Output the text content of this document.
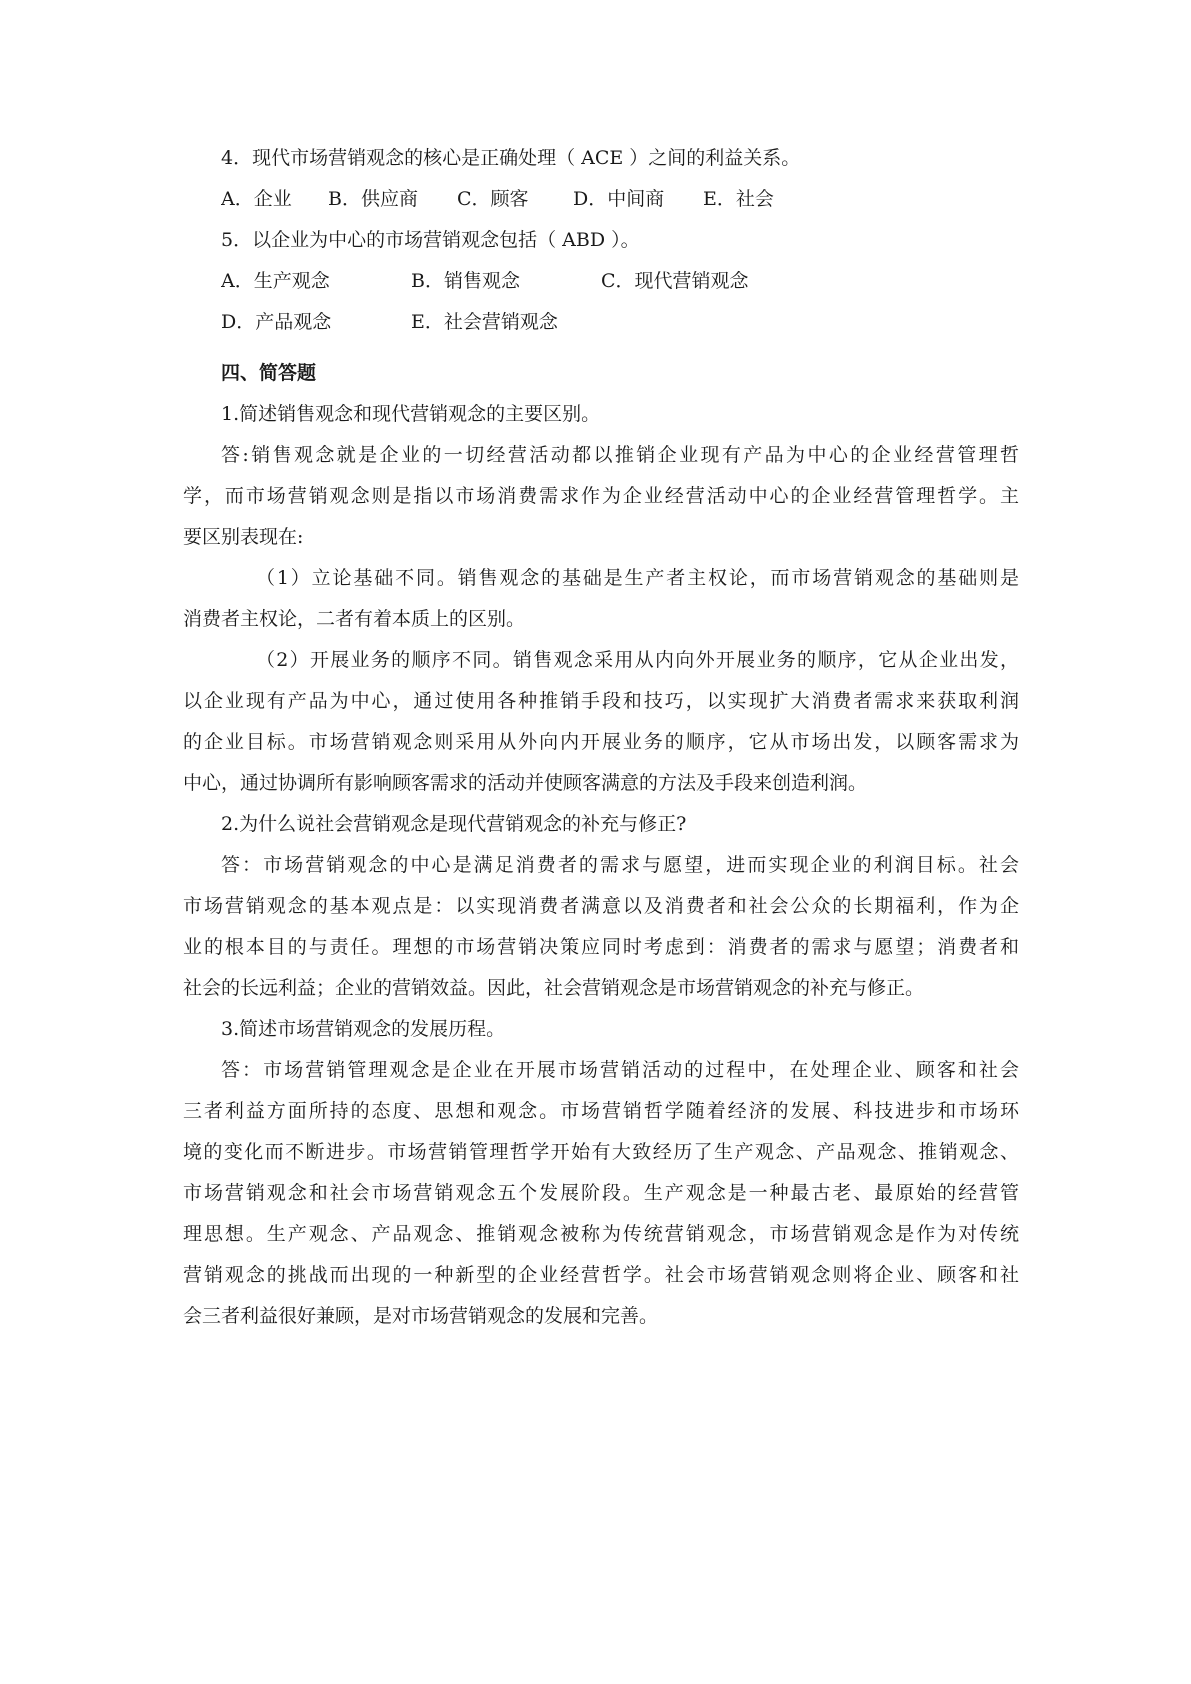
4．现代市场营销观念的核心是正确处理（ ACE ）之间的利益关系。
A．企业 B．供应商 C．顾客 D．中间商 E．社会
5．以企业为中心的市场营销观念包括（ ABD ）。
A．生产观念	B．销售观念	C．现代营销观念
D．产品观念	E．社会营销观念
四、简答题
1.简述销售观念和现代营销观念的主要区别。
答:销售观念就是企业的一切经营活动都以推销企业现有产品为中心的企业经营管理哲
学，而市场营销观念则是指以市场消费需求作为企业经营活动中心的企业经营管理哲学。主
要区别表现在:
（1）立论基础不同。销售观念的基础是生产者主权论，而市场营销观念的基础则是
消费者主权论，二者有着本质上的区别。
（2）开展业务的顺序不同。销售观念采用从内向外开展业务的顺序，它从企业出发，
以企业现有产品为中心，通过使用各种推销手段和技巧，以实现扩大消费者需求来获取利润
的企业目标。市场营销观念则采用从外向内开展业务的顺序，它从市场出发，以顾客需求为
中心，通过协调所有影响顾客需求的活动并使顾客满意的方法及手段来创造利润。
2.为什么说社会营销观念是现代营销观念的补充与修正?
答：市场营销观念的中心是满足消费者的需求与愿望，进而实现企业的利润目标。社会
市场营销观念的基本观点是：以实现消费者满意以及消费者和社会公众的长期福利，作为企
业的根本目的与责任。理想的市场营销决策应同时考虑到：消费者的需求与愿望；消费者和
社会的长远利益；企业的营销效益。因此，社会营销观念是市场营销观念的补充与修正。
3.简述市场营销观念的发展历程。
答：市场营销管理观念是企业在开展市场营销活动的过程中，在处理企业、顾客和社会
三者利益方面所持的态度、思想和观念。市场营销哲学随着经济的发展、科技进步和市场环
境的变化而不断进步。市场营销管理哲学开始有大致经历了生产观念、产品观念、推销观念、
市场营销观念和社会市场营销观念五个发展阶段。生产观念是一种最古老、最原始的经营管
理思想。生产观念、产品观念、推销观念被称为传统营销观念，市场营销观念是作为对传统
营销观念的挑战而出现的一种新型的企业经营哲学。社会市场营销观念则将企业、顾客和社
会三者利益很好兼顾，是对市场营销观念的发展和完善。
